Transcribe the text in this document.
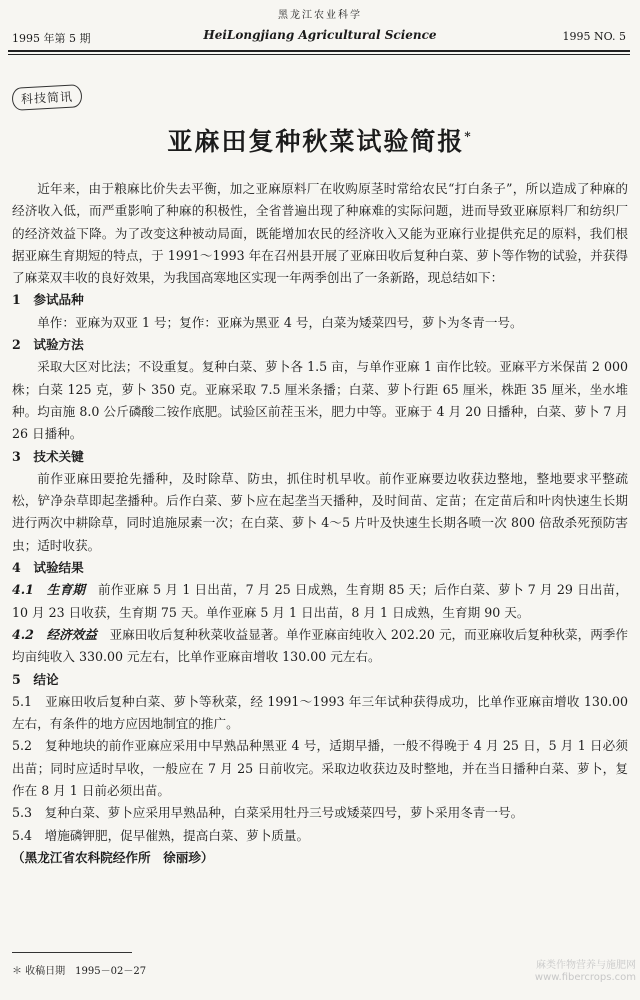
黑龙江农业科学
1995 年第 5 期	HeiLongjiang Agricultural Science	1995 NO. 5
科技简讯
亚麻田复种秋菜试验简报*

近年来，由于粮麻比价失去平衡，加之亚麻原料厂在收购原茎时常给农民“打白条子”，所以造成了种麻的经济收入低，而严重影响了种麻的积极性，全省普遍出现了种麻难的实际问题，进而导致亚麻原料厂和纺织厂的经济效益下降。为了改变这种被动局面，既能增加农民的经济收入又能为亚麻行业提供充足的原料，我们根据亚麻生育期短的特点，于 1991～1993 年在召州县开展了亚麻田收后复种白菜、萝卜等作物的试验，并获得了麻菜双丰收的良好效果，为我国高寒地区实现一年两季创出了一条新路，现总结如下：

1　参试品种

单作：亚麻为双亚 1 号；复作：亚麻为黑亚 4 号，白菜为矮菜四号，萝卜为冬青一号。

2　试验方法

采取大区对比法；不设重复。复种白菜、萝卜各 1.5 亩，与单作亚麻 1 亩作比较。亚麻平方米保苗 2 000 株；白菜 125 克，萝卜 350 克。亚麻采取 7.5 厘米条播；白菜、萝卜行距 65 厘米，株距 35 厘米，坐水堆种。均亩施 8.0 公斤磷酸二铵作底肥。试验区前茬玉米，肥力中等。亚麻于 4 月 20 日播种，白菜、萝卜 7 月 26 日播种。

3　技术关键

前作亚麻田要抢先播种，及时除草、防虫，抓住时机早收。前作亚麻要边收获边整地，整地要求平整疏松，铲净杂草即起垄播种。后作白菜、萝卜应在起垄当天播种，及时间苗、定苗；在定苗后和叶肉快速生长期进行两次中耕除草，同时追施尿素一次；在白菜、萝卜 4～5 片叶及快速生长期各喷一次 800 倍敌杀死预防害虫；适时收获。

4　试验结果

4.1　生育期　 前作亚麻 5 月 1 日出苗，7 月 25 日成熟，生育期 85 天；后作白菜、萝卜 7 月 29 日出苗，10 月 23 日收获，生育期 75 天。单作亚麻 5 月 1 日出苗，8 月 1 日成熟，生育期 90 天。

4.2　经济效益　 亚麻田收后复种秋菜收益显著。单作亚麻亩纯收入 202.20 元，而亚麻收后复种秋菜，两季作均亩纯收入 330.00 元左右，比单作亚麻亩增收 130.00 元左右。

5　结论

5.1　亚麻田收后复种白菜、萝卜等秋菜，经 1991～1993 年三年试种获得成功，比单作亚麻亩增收 130.00 左右，有条件的地方应因地制宜的推广。

5.2　复种地块的前作亚麻应采用中早熟品种黑亚 4 号，适期早播，一般不得晚于 4 月 25 日，5 月 1 日必须出苗；同时应适时早收，一般应在 7 月 25 日前收完。采取边收获边及时整地，并在当日播种白菜、萝卜，复作在 8 月 1 日前必须出苗。

5.3　复种白菜、萝卜应采用早熟品种，白菜采用牡丹三号或矮菜四号，萝卜采用冬青一号。

5.4　增施磷钾肥，促早催熟，提高白菜、萝卜质量。

（黑龙江省农科院经作所　徐丽珍）

＊ 收稿日期　1995－02－27
麻类作物营养与施肥网
www.fibercrops.com
